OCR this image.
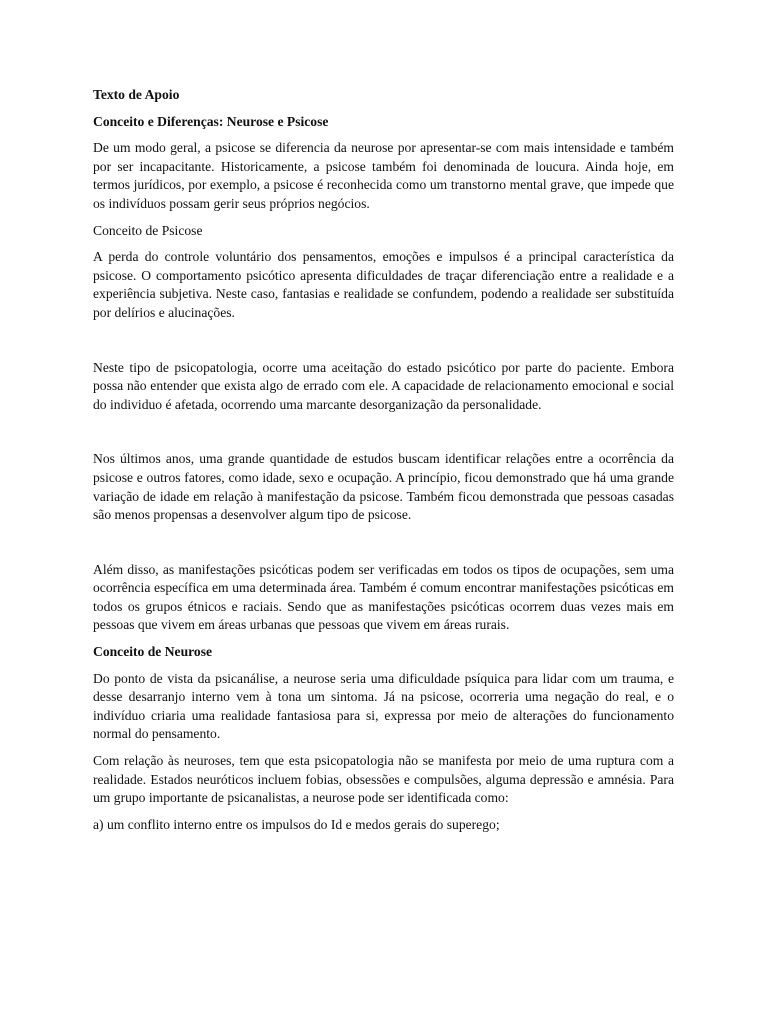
Texto de Apoio

Conceito e Diferenças: Neurose e Psicose

De um modo geral, a psicose se diferencia da neurose por apresentar-se com mais intensidade e também por ser incapacitante. Historicamente, a psicose também foi denominada de loucura. Ainda hoje, em termos jurídicos, por exemplo, a psicose é reconhecida como um transtorno mental grave, que impede que os indivíduos possam gerir seus próprios negócios.

Conceito de Psicose

A perda do controle voluntário dos pensamentos, emoções e impulsos é a principal característica da psicose. O comportamento psicótico apresenta dificuldades de traçar diferenciação entre a realidade e a experiência subjetiva. Neste caso, fantasias e realidade se confundem, podendo a realidade ser substituída por delírios e alucinações.

Neste tipo de psicopatologia, ocorre uma aceitação do estado psicótico por parte do paciente. Embora possa não entender que exista algo de errado com ele. A capacidade de relacionamento emocional e social do individuo é afetada, ocorrendo uma marcante desorganização da personalidade.

Nos últimos anos, uma grande quantidade de estudos buscam identificar relações entre a ocorrência da psicose e outros fatores, como idade, sexo e ocupação. A princípio, ficou demonstrado que há uma grande variação de idade em relação à manifestação da psicose. Também ficou demonstrada que pessoas casadas são menos propensas a desenvolver algum tipo de psicose.

Além disso, as manifestações psicóticas podem ser verificadas em todos os tipos de ocupações, sem uma ocorrência específica em uma determinada área. Também é comum encontrar manifestações psicóticas em todos os grupos étnicos e raciais. Sendo que as manifestações psicóticas ocorrem duas vezes mais em pessoas que vivem em áreas urbanas que pessoas que vivem em áreas rurais.

Conceito de Neurose

Do ponto de vista da psicanálise, a neurose seria uma dificuldade psíquica para lidar com um trauma, e desse desarranjo interno vem à tona um sintoma. Já na psicose, ocorreria uma negação do real, e o indivíduo criaria uma realidade fantasiosa para si, expressa por meio de alterações do funcionamento normal do pensamento.

Com relação às neuroses, tem que esta psicopatologia não se manifesta por meio de uma ruptura com a realidade. Estados neuróticos incluem fobias, obsessões e compulsões, alguma depressão e amnésia. Para um grupo importante de psicanalistas, a neurose pode ser identificada como:

a) um conflito interno entre os impulsos do Id e medos gerais do superego;
